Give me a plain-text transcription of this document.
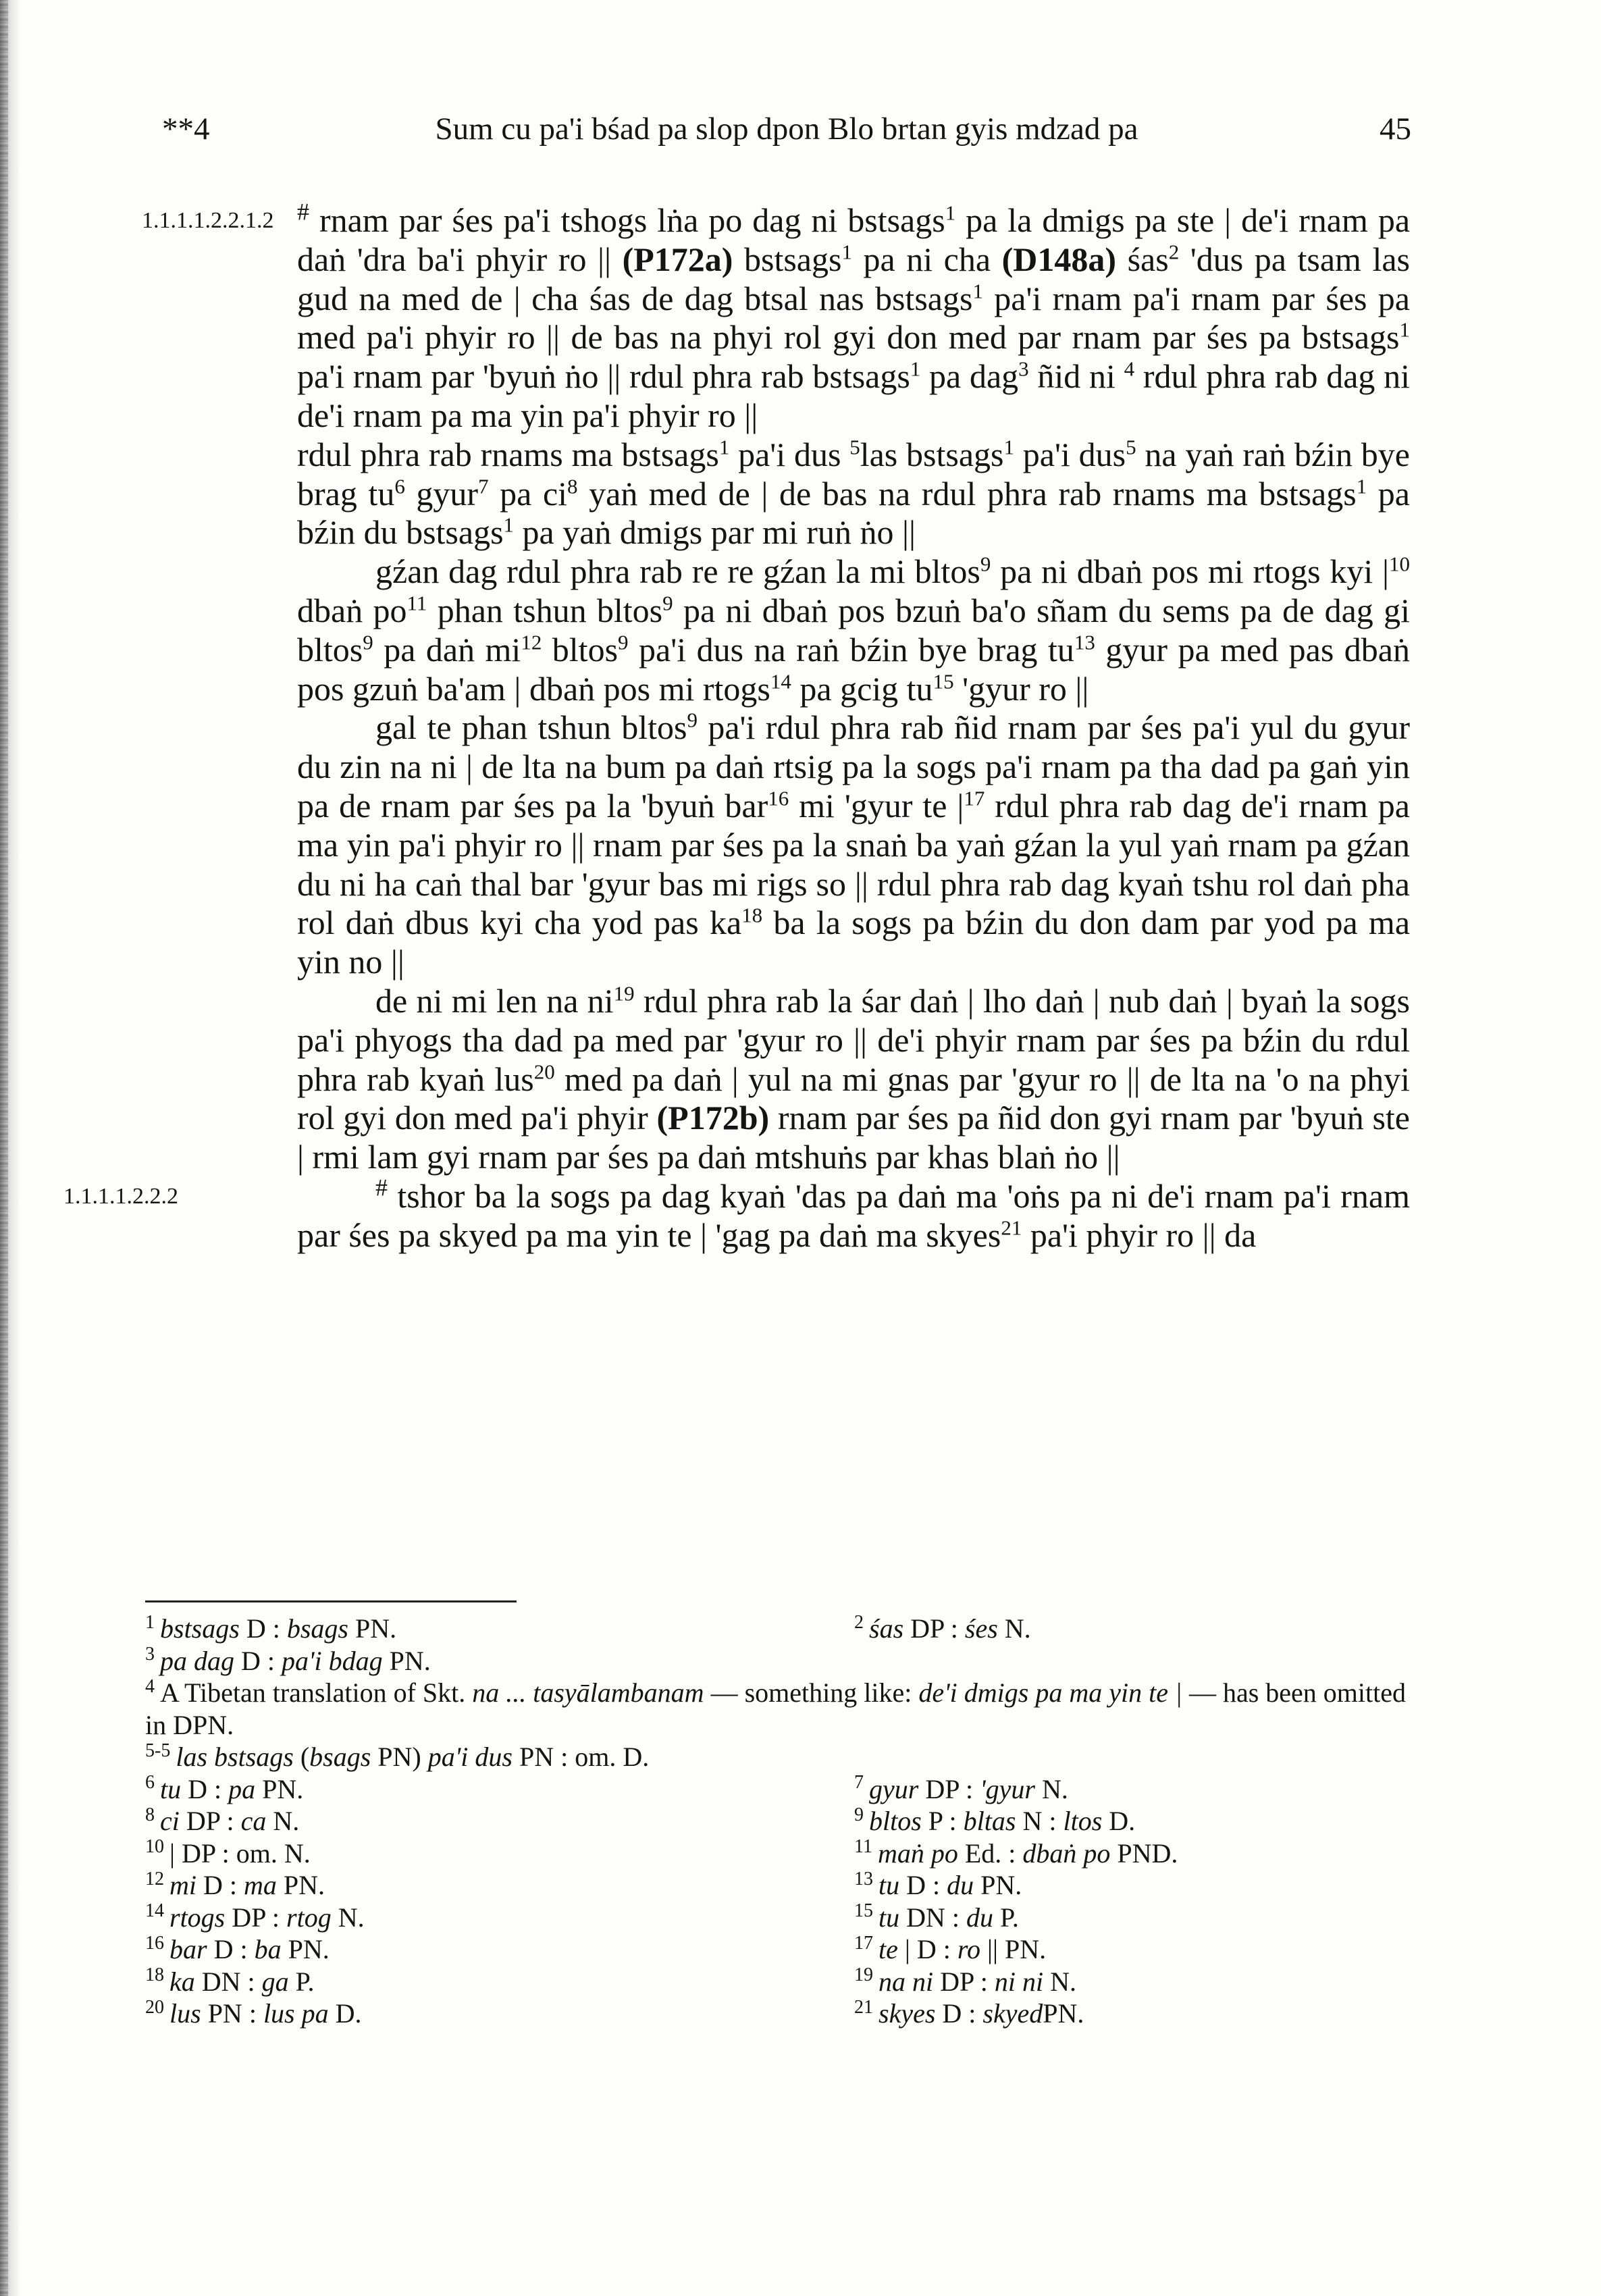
**4	Sum cu pa'i bśad pa slop dpon Blo brtan gyis mdzad pa	45

1.1.1.1.2.2.1.2 # rnam par śes pa'i tshogs lṅa po dag ni bstsags$^1$ pa la dmigs pa ste | de'i rnam pa daṅ 'dra ba'i phyir ro || (P172a) bstsags$^1$ pa ni cha (D148a) śas$^2$ 'dus pa tsam las gud na med de | cha śas de dag btsal nas bstsags$^1$ pa'i rnam pa'i rnam par śes pa med pa'i phyir ro || de bas na phyi rol gyi don med par rnam par śes pa bstsags$^1$ pa'i rnam par 'byuṅ ṅo || rdul phra rab bstsags$^1$ pa dag$^3$ ñid ni $^4$ rdul phra rab dag ni de'i rnam pa ma yin pa'i phyir ro ||

rdul phra rab rnams ma bstsags$^1$ pa'i dus $^5$las bstsags$^1$ pa'i dus$^5$ na yaṅ raṅ bźin bye brag $tu^6$ gyur$^7$ pa $ci^8$ yaṅ med de | de bas na rdul phra rab rnams ma bstsags$^1$ pa bźin du bstsags$^1$ pa yaṅ dmigs par mi ruṅ ṅo ||

gźan dag rdul phra rab re re gźan la mi bltos$^9$ pa ni dbaṅ pos mi rtogs kyi $|^{10}$ dbaṅ $po^{11}$ phan tshun bltos$^9$ pa ni dbaṅ pos bzuṅ ba'o sñam du sems pa de dag gi bltos$^9$ pa daṅ $mi^{12}$ bltos$^9$ pa'i dus na raṅ bźin bye brag $tu^{13}$ gyur pa med pas dbaṅ pos gzuṅ ba'am | dbaṅ pos mi rtogs$^{14}$ pa gcig $tu^{15}$ 'gyur ro ||

gal te phan tshun bltos$^9$ pa'i rdul phra rab ñid rnam par śes pa'i yul du gyur du zin na ni | de lta na bum pa daṅ rtsig pa la sogs pa'i rnam pa tha dad pa gaṅ yin pa de rnam par śes pa la 'byuṅ bar$^{16}$ mi 'gyur te $|^{17}$ rdul phra rab dag de'i rnam pa ma yin pa'i phyir ro || rnam par śes pa la snaṅ ba yaṅ gźan la yul yaṅ rnam pa gźan du ni ha caṅ thal bar 'gyur bas mi rigs so || rdul phra rab dag kyaṅ tshu rol daṅ pha rol daṅ dbus kyi cha yod pas $ka^{18}$ ba la sogs pa bźin du don dam par yod pa ma yin no ||

de ni mi len na $ni^{19}$ rdul phra rab la śar daṅ | lho daṅ | nub daṅ | byaṅ la sogs pa'i phyogs tha dad pa med par 'gyur ro || de'i phyir rnam par śes pa bźin du rdul phra rab kyaṅ lus$^{20}$ med pa daṅ | yul na mi gnas par 'gyur ro || de lta na 'o na phyi rol gyi don med pa'i phyir (P172b) rnam par śes pa ñid don gyi rnam par 'byuṅ ste | rmi lam gyi rnam par śes pa daṅ mtshuṅs par khas blaṅ ṅo ||

1.1.1.1.2.2.2	# tshor ba la sogs pa dag kyaṅ 'das pa daṅ ma 'oṅs pa ni de'i rnam pa'i rnam par śes pa skyed pa ma yin te | 'gag pa daṅ ma skyes$^{21}$ pa'i phyir ro || da

$^1$ bstsags D : bsags PN.	$^2$ śas DP : śes N.
$^3$ pa dag D : pa'i bdag PN.
$^4$ A Tibetan translation of Skt. na ... tasyālambanam — something like: de'i dmigs pa ma yin te | — has been omitted in DPN.
$^{5-5}$ las bstsags (bsags PN) pa'i dus PN : om. D.
$^6$ tu D : pa PN.	$^7$ gyur DP : 'gyur N.
$^8$ ci DP : ca N.	$^9$ bltos P : bltas N : ltos D.
$^{10}$ | DP : om. N.	$^{11}$ maṅ po Ed. : dbaṅ po PND.
$^{12}$ mi D : ma PN.	$^{13}$ tu D : du PN.
$^{14}$ rtogs DP : rtog N.	$^{15}$ tu DN : du P.
$^{16}$ bar D : ba PN.	$^{17}$ te | D : ro || PN.
$^{18}$ ka DN : ga P.	$^{19}$ na ni DP : ni ni N.
$^{20}$ lus PN : lus pa D.	$^{21}$ skyes D : skyedPN.
